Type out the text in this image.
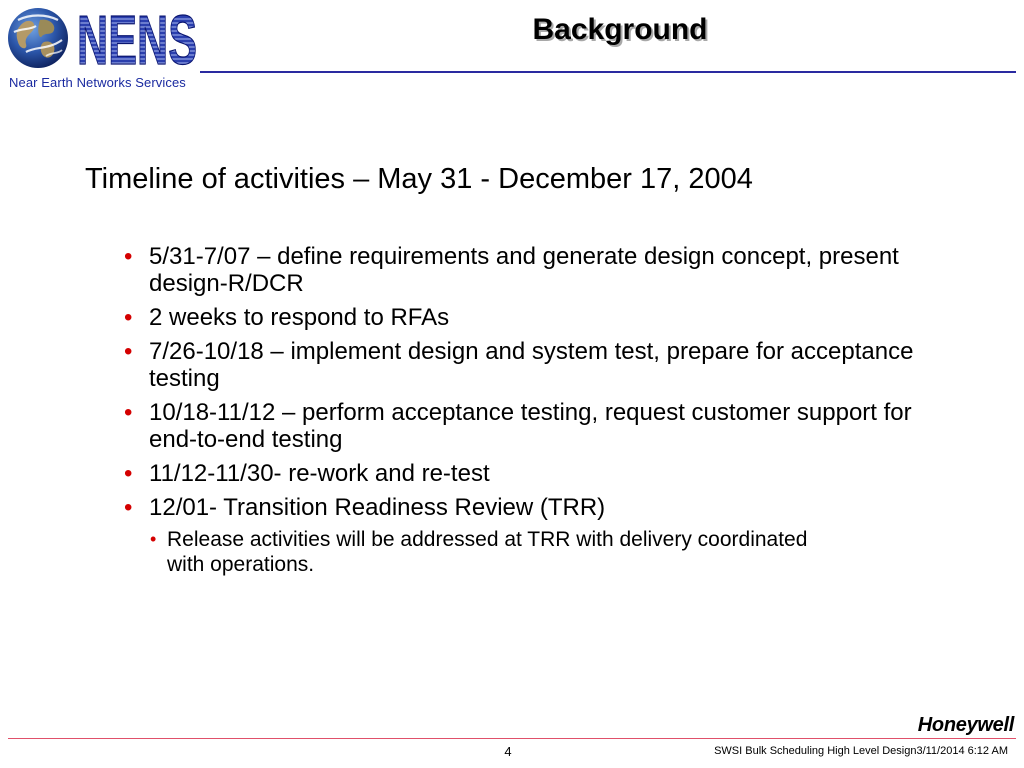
NENS
Near Earth Networks Services
Background
Timeline of activities – May 31 - December 17, 2004
• 5/31-7/07 – define requirements and generate design concept, present design-R/DCR
• 2 weeks to respond to RFAs
• 7/26-10/18 – implement design and system test, prepare for acceptance testing
• 10/18-11/12 – perform acceptance testing, request customer support for end-to-end testing
• 11/12-11/30- re-work and re-test
• 12/01- Transition Readiness Review (TRR)
• Release activities will be addressed at TRR with delivery coordinated with operations.
Honeywell
4	SWSI Bulk Scheduling High Level Design3/11/2014 6:12 AM
